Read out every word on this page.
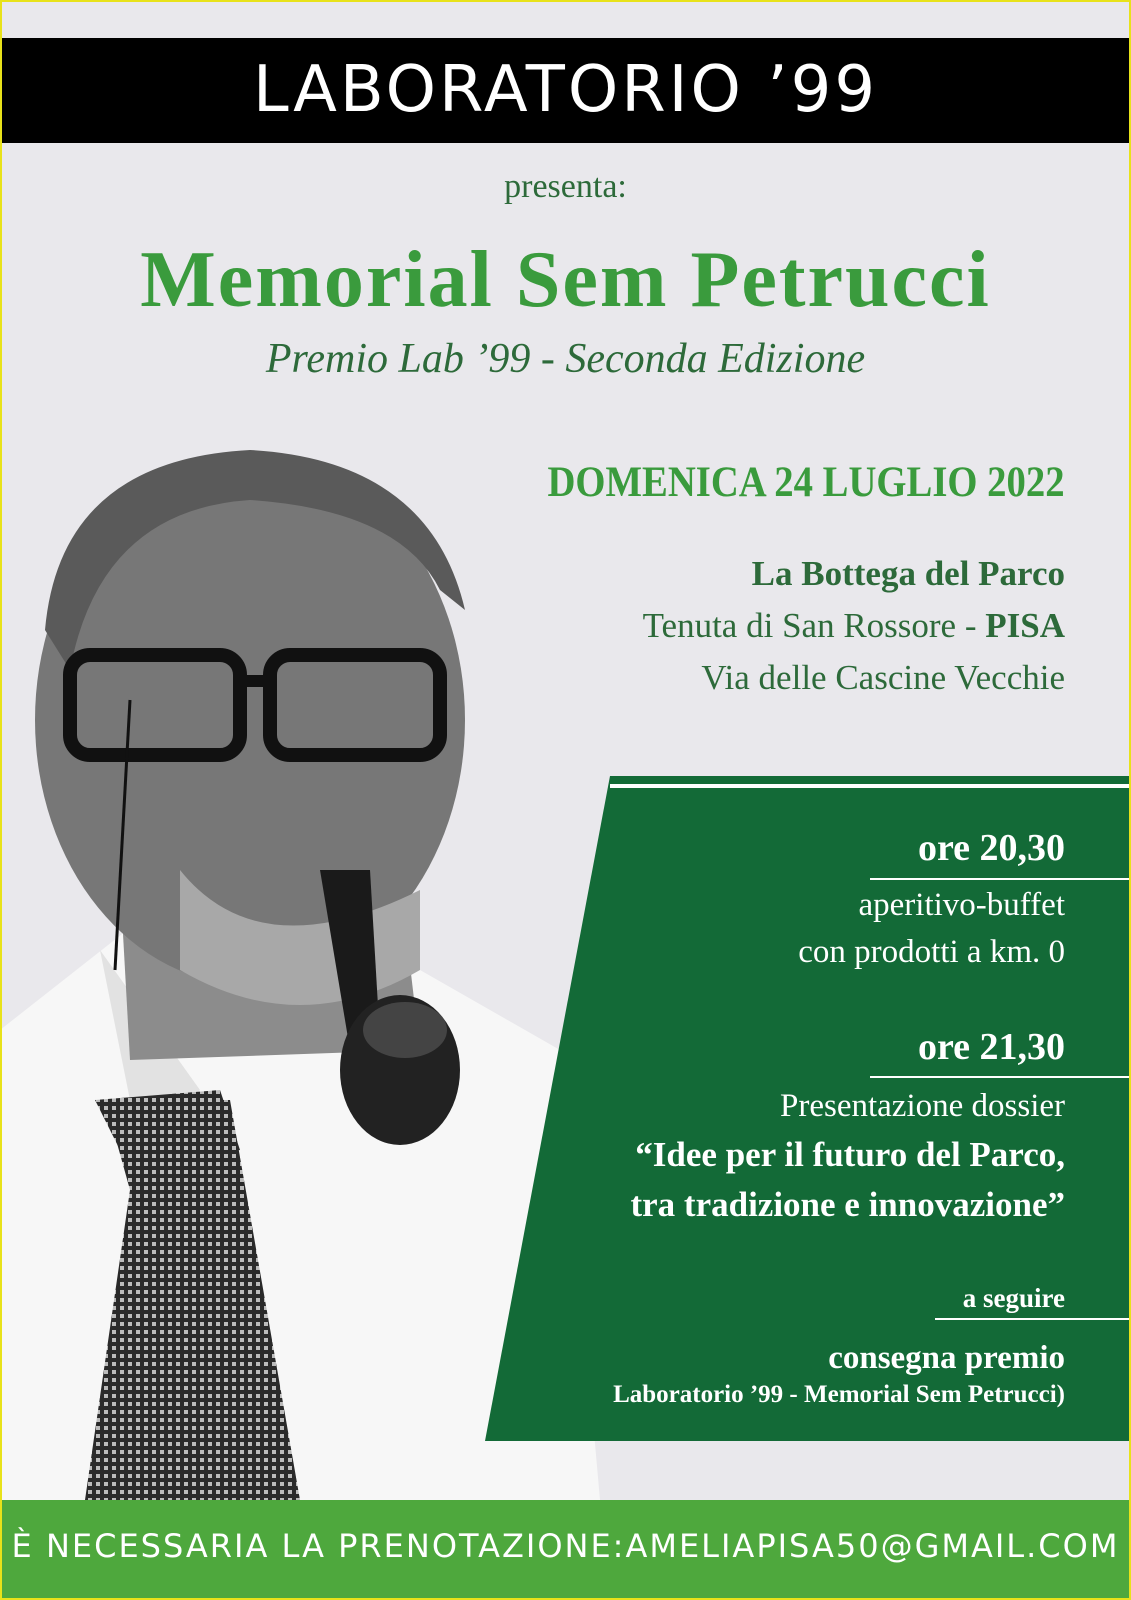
LABORATORIO ’99
presenta:
Memorial Sem Petrucci
Premio Lab ’99 - Seconda Edizione
DOMENICA 24 LUGLIO 2022
La Bottega del Parco
Tenuta di San Rossore - PISA
Via delle Cascine Vecchie
ore 20,30
aperitivo-buffet
con prodotti a km. 0
ore 21,30
Presentazione dossier
“Idee per il futuro del Parco,
tra tradizione e innovazione”
a seguire
consegna premio
Laboratorio ’99 - Memorial Sem Petrucci)
È NECESSARIA LA PRENOTAZIONE:AMELIAPISA50@GMAIL.COM
